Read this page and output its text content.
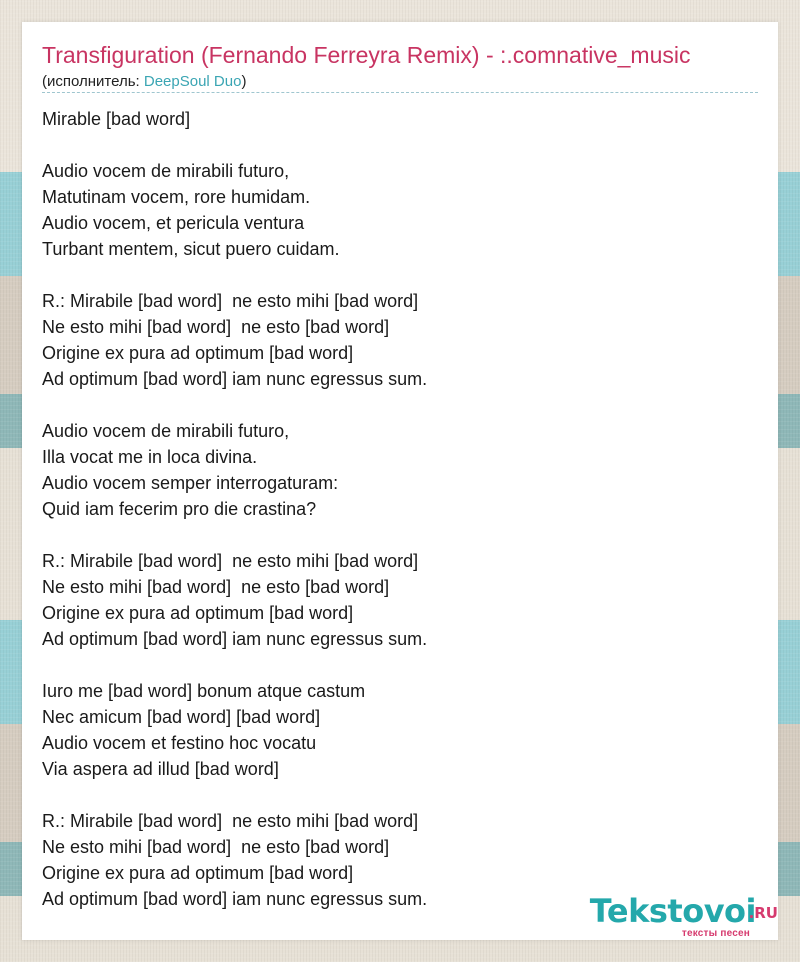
Transfiguration (Fernando Ferreyra Remix) - :.comnative_music
(исполнитель: DeepSoul Duo)
Mirable [bad word]
Audio vocem de mirabili futuro,
Matutinam vocem, rore humidam.
Audio vocem, et pericula ventura
Turbant mentem, sicut puero cuidam.
R.: Mirabile [bad word]  ne esto mihi [bad word]
Ne esto mihi [bad word]  ne esto [bad word]
Origine ex pura ad optimum [bad word]
Ad optimum [bad word] iam nunc egressus sum.
Audio vocem de mirabili futuro,
Illa vocat me in loca divina.
Audio vocem semper interrogaturam:
Quid iam fecerim pro die crastina?
R.: Mirabile [bad word]  ne esto mihi [bad word]
Ne esto mihi [bad word]  ne esto [bad word]
Origine ex pura ad optimum [bad word]
Ad optimum [bad word] iam nunc egressus sum.
Iuro me [bad word] bonum atque castum
Nec amicum [bad word] [bad word]
Audio vocem et festino hoc vocatu
Via aspera ad illud [bad word]
R.: Mirabile [bad word]  ne esto mihi [bad word]
Ne esto mihi [bad word]  ne esto [bad word]
Origine ex pura ad optimum [bad word]
Ad optimum [bad word] iam nunc egressus sum.	Tekstovoi
.RU
тексты песен
